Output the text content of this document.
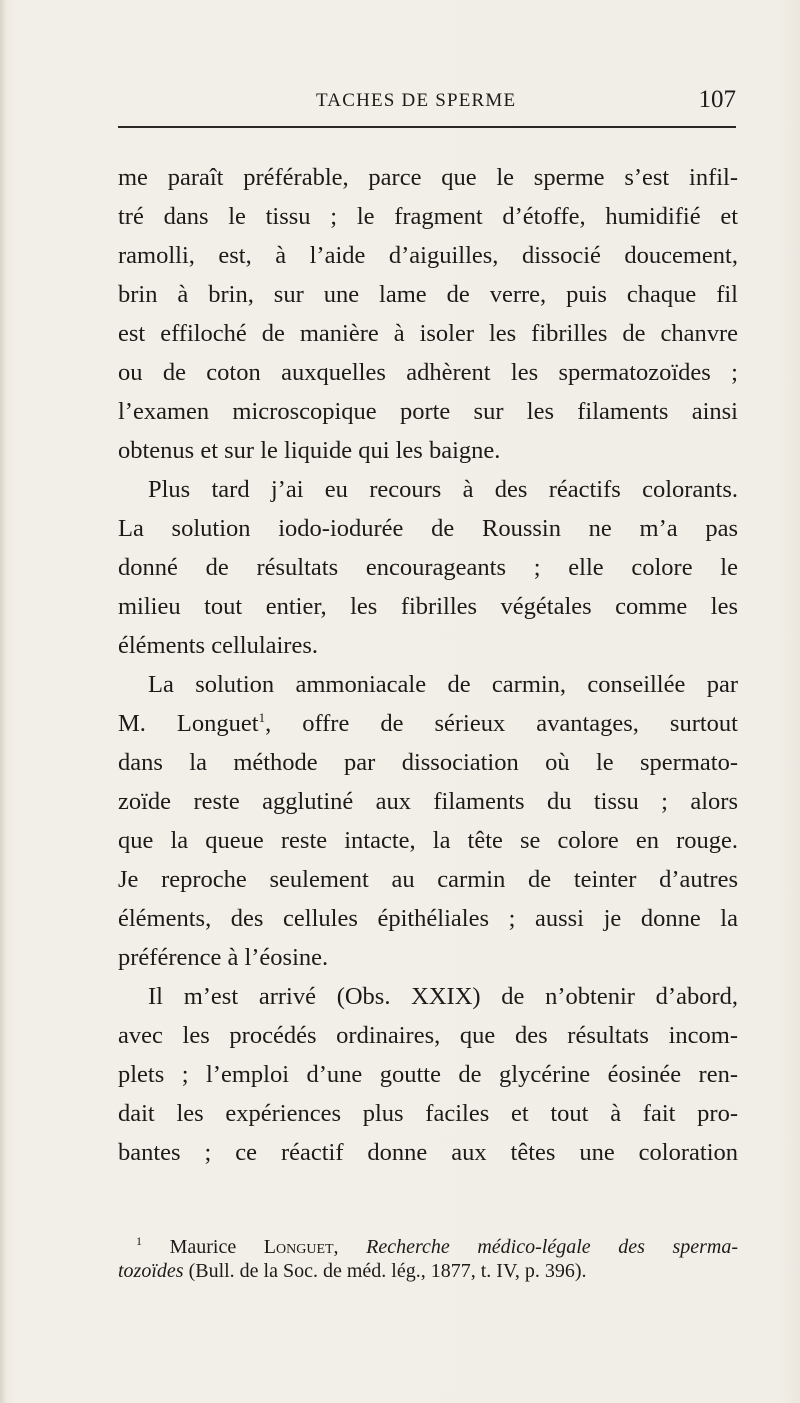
TACHES DE SPERME	107
me paraît préférable, parce que le sperme s’est infil-
tré dans le tissu ; le fragment d’étoffe, humidifié et
ramolli, est, à l’aide d’aiguilles, dissocié doucement,
brin à brin, sur une lame de verre, puis chaque fil
est effiloché de manière à isoler les fibrilles de chanvre
ou de coton auxquelles adhèrent les spermatozoïdes ;
l’examen microscopique porte sur les filaments ainsi
obtenus et sur le liquide qui les baigne.
Plus tard j’ai eu recours à des réactifs colorants.
La solution iodo-iodurée de Roussin ne m’a pas
donné de résultats encourageants ; elle colore le
milieu tout entier, les fibrilles végétales comme les
éléments cellulaires.
La solution ammoniacale de carmin, conseillée par
M. Longuet$^1$, offre de sérieux avantages, surtout
dans la méthode par dissociation où le spermato-
zoïde reste agglutiné aux filaments du tissu ; alors
que la queue reste intacte, la tête se colore en rouge.
Je reproche seulement au carmin de teinter d’autres
éléments, des cellules épithéliales ; aussi je donne la
préférence à l’éosine.
Il m’est arrivé (Obs. XXIX) de n’obtenir d’abord,
avec les procédés ordinaires, que des résultats incom-
plets ; l’emploi d’une goutte de glycérine éosinée ren-
dait les expériences plus faciles et tout à fait pro-
bantes ; ce réactif donne aux têtes une coloration
$^1$ Maurice Longuet, Recherche médico-légale des sperma-
tozoïdes (Bull. de la Soc. de méd. lég., 1877, t. IV, p. 396).
